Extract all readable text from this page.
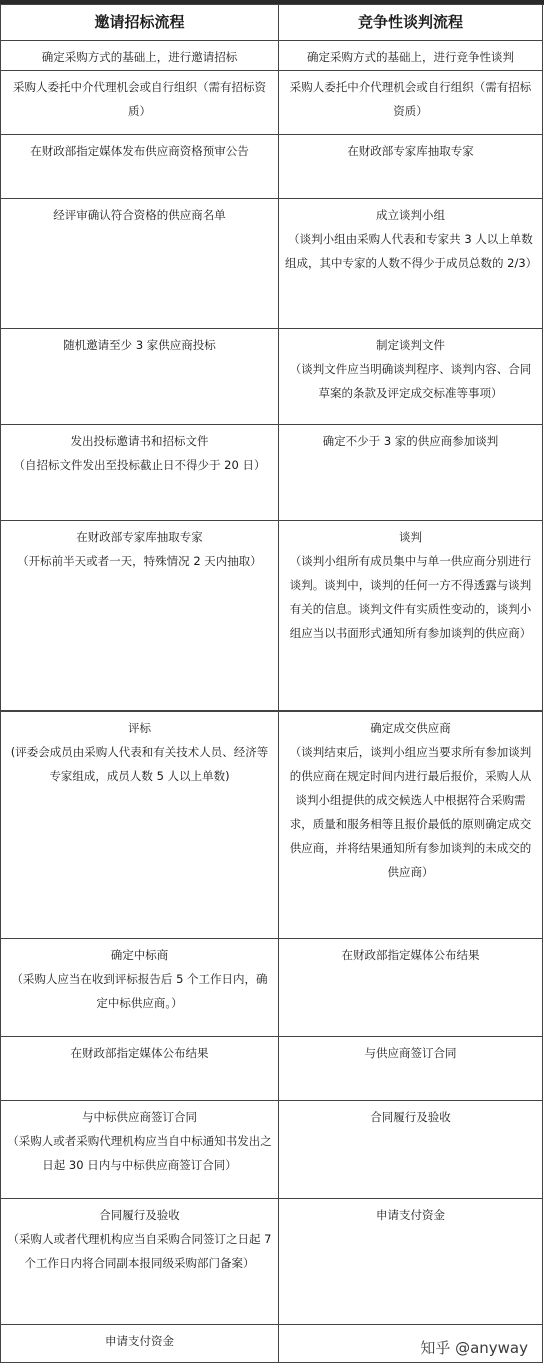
邀请招标流程	竞争性谈判流程

确定采购方式的基础上，进行邀请招标	确定采购方式的基础上，进行竞争性谈判

采购人委托中介代理机会或自行组织（需有招标资质）	采购人委托中介代理机会或自行组织（需有招标资质）

在财政部指定媒体发布供应商资格预审公告	在财政部专家库抽取专家

经评审确认符合资格的供应商名单	成立谈判小组
（谈判小组由采购人代表和专家共 3 人以上单数组成，其中专家的人数不得少于成员总数的 2/3）

随机邀请至少 3 家供应商投标	制定谈判文件
（谈判文件应当明确谈判程序、谈判内容、合同草案的条款及评定成交标准等事项）

发出投标邀请书和招标文件
（自招标文件发出至投标截止日不得少于 20 日）	确定不少于 3 家的供应商参加谈判

在财政部专家库抽取专家
（开标前半天或者一天，特殊情况 2 天内抽取）	谈判
（谈判小组所有成员集中与单一供应商分别进行谈判。谈判中，谈判的任何一方不得透露与谈判有关的信息。谈判文件有实质性变动的，谈判小组应当以书面形式通知所有参加谈判的供应商）

评标
(评委会成员由采购人代表和有关技术人员、经济等专家组成，成员人数 5 人以上单数)	确定成交供应商
（谈判结束后，谈判小组应当要求所有参加谈判的供应商在规定时间内进行最后报价，采购人从谈判小组提供的成交候选人中根据符合采购需求，质量和服务相等且报价最低的原则确定成交供应商，并将结果通知所有参加谈判的未成交的供应商）

确定中标商
（采购人应当在收到评标报告后 5 个工作日内，确定中标供应商。）	在财政部指定媒体公布结果

在财政部指定媒体公布结果	与供应商签订合同

与中标供应商签订合同
（采购人或者采购代理机构应当自中标通知书发出之日起 30 日内与中标供应商签订合同）	合同履行及验收

合同履行及验收
（采购人或者代理机构应当自采购合同签订之日起 7 个工作日内将合同副本报同级采购部门备案）	申请支付资金

申请支付资金	
		知乎 @anyway
